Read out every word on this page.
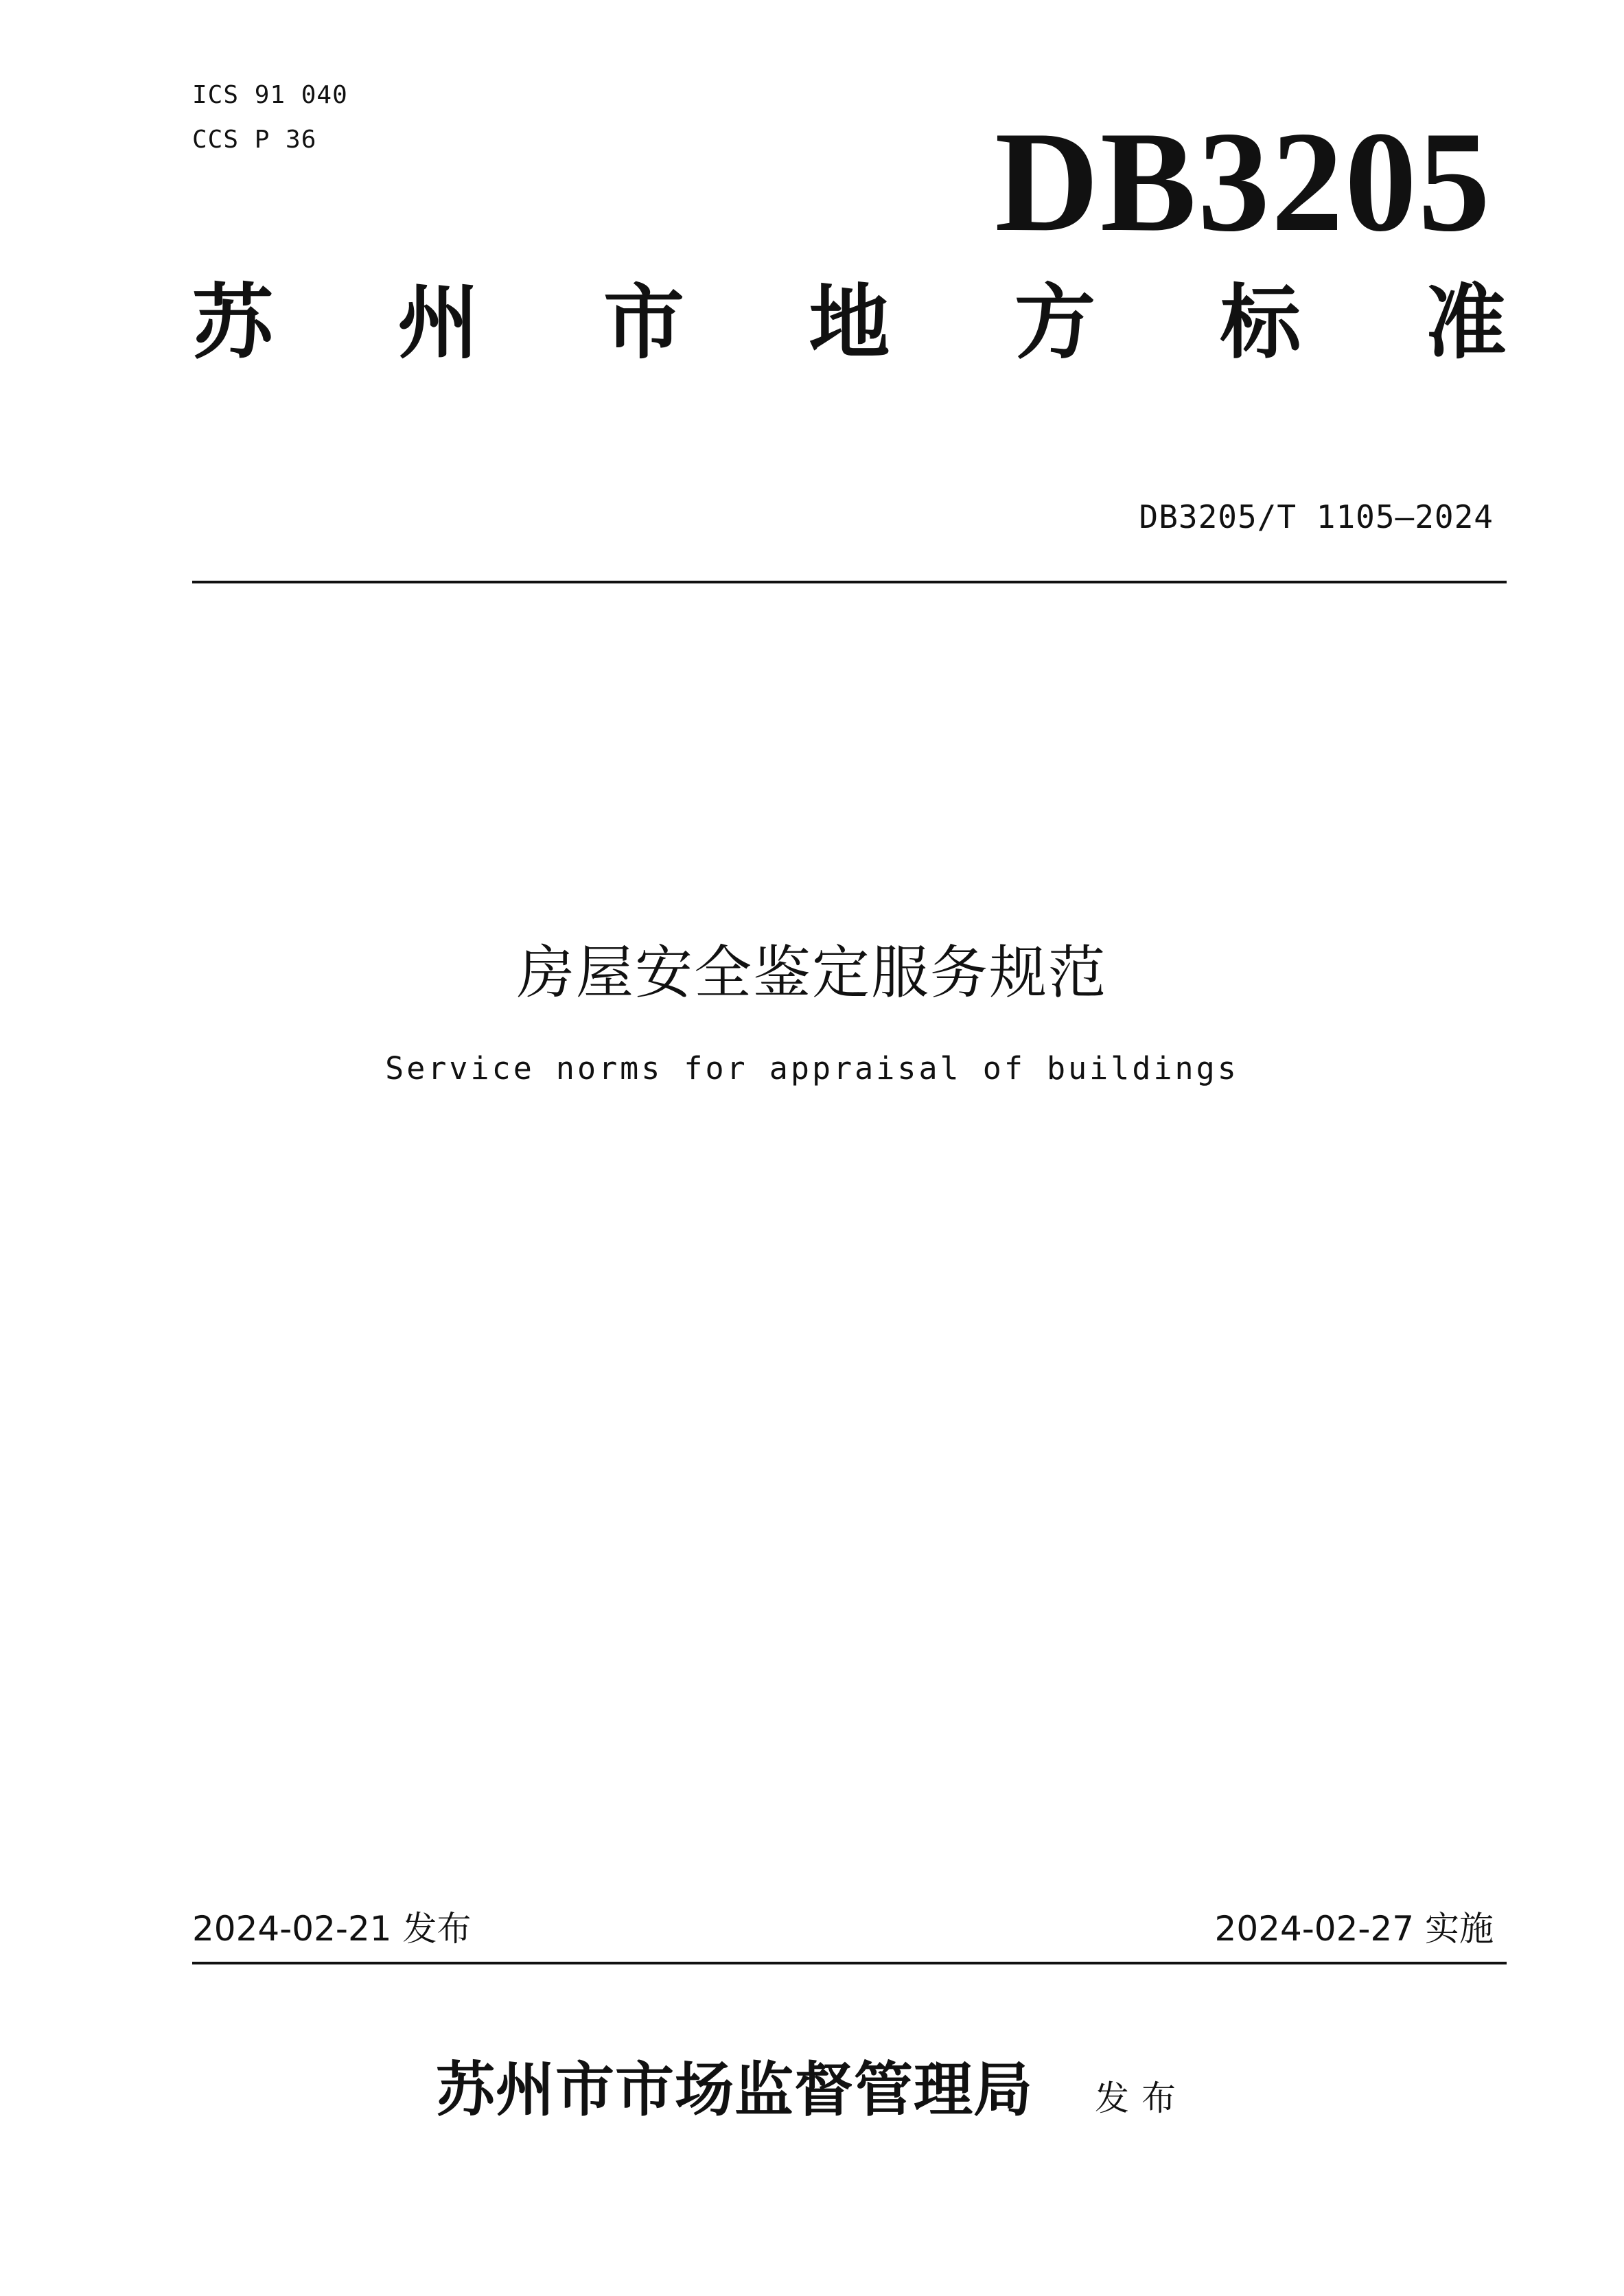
ICS 91 040
CCS P 36	DB3205
苏 州 市 地 方 标 准
DB3205/T 1105—2024
房屋安全鉴定服务规范
Service norms for appraisal of buildings
2024-02-21 发布	2024-02-27 实施
苏州市市场监督管理局 发布
